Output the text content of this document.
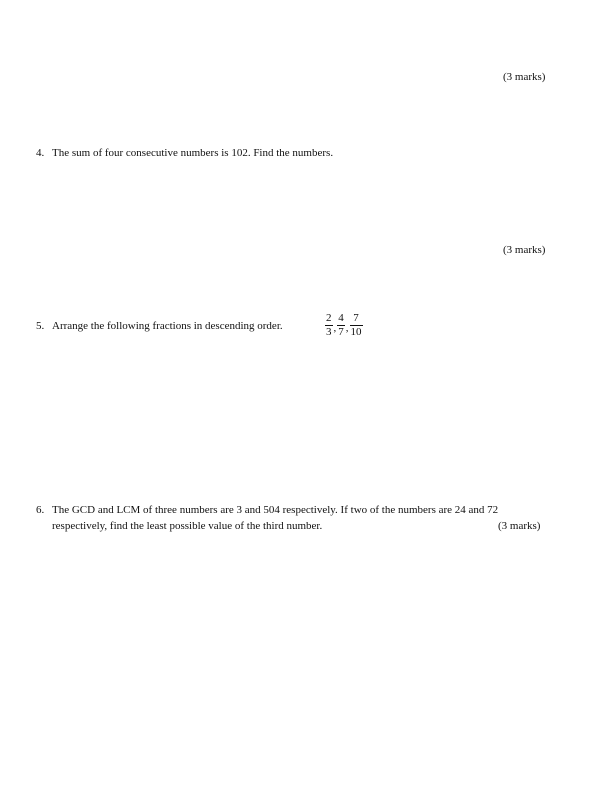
(3 marks)
4. The sum of four consecutive numbers is 102. Find the numbers.
(3 marks)
5. Arrange the following fractions in descending order.	$\frac{2}{3}$ , $\frac{4}{7}$ , $\frac{7}{10}$
6. The GCD and LCM of three numbers are 3 and 504 respectively. If two of the numbers are 24 and 72
respectively, find the least possible value of the third number.	(3 marks)
